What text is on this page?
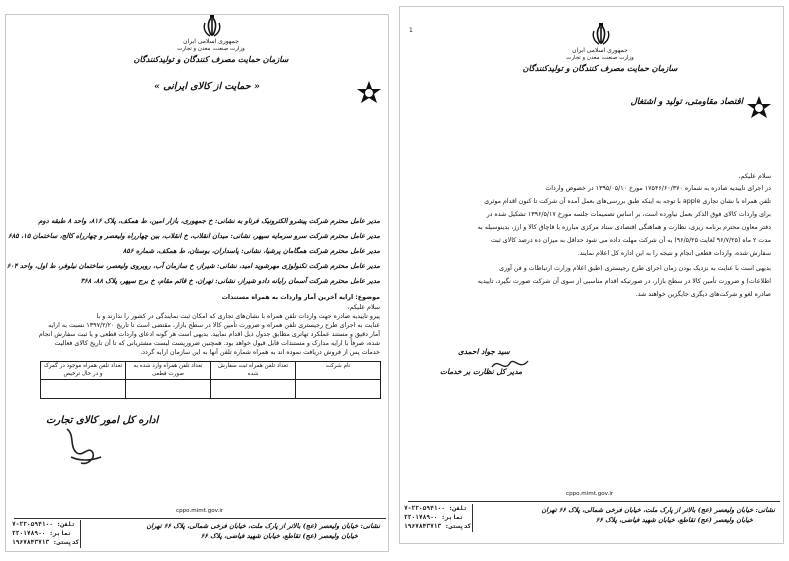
جمهوری اسلامی ایران
وزارت صنعت، معدن و تجارت
سازمان حمایت مصرف کنندگان و تولیدکنندگان
« حمایت از کالای ایرانی »
مدیر عامل محترم شرکت پیشرو الکترونیک فرناو به نشانی: خ جمهوری، بازار امین، ط همکف، پلاک ۸۱۶، واحد ۸ طبقه دوم
مدیر عامل محترم شرکت سرو سرمایه سپهر، نشانی: میدان انقلاب، خ انقلاب، بین چهارراه ولیعصر و چهارراه کالج، ساختمان ۱۵، ۶۸۵
مدیر عامل محترم شرکت همگامان پرشیا، نشانی: پاسداران، بوستان، ط همکف، شماره ۸۵۶
مدیر عامل محترم شرکت تکنولوژی مهرشوید امید، نشانی: شیراز، خ سازمان آب، روبروی ولیعصر، ساختمان نیلوفر، ط اول، واحد ۶۰۴
مدیر عامل محترم شرکت آسمان رایانه دادو شیراز، نشانی: تهران، خ قائم مقام، خ برج سپهر، پلاک ۸۸، ۳۶۸
موضوع: ارایه آخرین آمار واردات به همراه مستندات
سلام علیکم،
پیرو تاییدیه صادره جهت واردات تلفن همراه با نشان‌های تجاری که امکان ثبت نمایندگی در کشور را ندارند و با
عنایت به اجرای طرح رجیستری تلفن همراه و ضرورت تأمین کالا در سطح بازار، مقتضی است تا تاریخ ۱۳۹۷/۲/۲۰ نسبت به ارایه
آمار دقیق و مستند عملکرد تهاتری مطابق جدول ذیل اقدام نمایید. بدیهی است هر گونه ادعای واردات قطعی و یا ثبت سفارش انجام
شده، صرفاً با ارایه مدارک و مستندات قابل قبول خواهد بود. همچنین ضروریست لیست مشتریانی که تا آن تاریخ کالای فعالیت خدمات پس از فروش دریافت نموده اند به همراه شماره تلفن آنها به این سازمان ارایه گردد.
نام شرکت	تعداد تلفن همراه ثبت سفارش شده	تعداد تلفن همراه وارد شده به صورت قطعی	تعداد تلفن همراه موجود در گمرک و در حال ترخیص

اداره کل امور کالای تجارت
cppo.mimt.gov.ir
تلفن: ۲۲۰۵۹۴۱۰۰-۷
نمابر: ۲۲۰۱۷۸۹۰۰
کدپستی: ۱۹۶۷۸۴۳۷۱۳
نشانی: خیابان ولیعصر (عج) بالاتر از پارک ملت، خیابان فرخی شمالی، پلاک ۶۶ تهران
خیابان ولیعصر (عج) تقاطع، خیابان شهید فیاضی، پلاک ۶۶
1
جمهوری اسلامی ایران
وزارت صنعت، معدن و تجارت
سازمان حمایت مصرف کنندگان و تولیدکنندگان
اقتصاد مقاومتی، تولید و اشتغال
سلام علیکم،
در اجرای تاییدیه صادره به شماره ۱۷۵۴۶/۶۰/۳۷۰ مورخ ۱۳۹۵/۰۵/۱۰ در خصوص واردات
تلفن همراه با نشان تجاری apple با توجه به اینکه طبق بررسی‌های بعمل آمده آن شرکت تا کنون اقدام موثری
برای واردات کالای فوق الذکر بعمل نیاورده است، بر اساس تصمیمات جلسه مورخ ۱۳۹۶/۵/۱۷ تشکیل شده در
دفتر معاون محترم برنامه ریزی، نظارت و هماهنگی اقتصادی ستاد مرکزی مبارزه با قاچاق کالا و ارز، بدینوسیله به
مدت ۲ ماه (۹۶/۷/۲۵ لغایت ۹۶/۵/۲۵) به آن شرکت مهلت داده می شود حداقل به میزان ده درصد کالای ثبت
سفارش شده، واردات قطعی انجام و نتیجه را به این اداره کل اعلام نمایند.
بدیهی است با عنایت به نزدیک بودن زمان اجرای طرح رجیستری (طبق اعلام وزارت ارتباطات و فن آوری
اطلاعات) و ضرورت تأمین کالا در سطح بازار، در صورتیکه اقدام مناسبی از سوی آن شرکت صورت نگیرد، تاییدیه
صادره لغو و شرکت‌های دیگری جایگزین خواهند شد.
سید جواد احمدی
مدیر کل نظارت بر خدمات
cppo.mimt.gov.ir
تلفن: ۲۲۰۵۹۴۱۰۰-۷
نمابر: ۲۲۰۱۷۸۹۰۰
کدپستی: ۱۹۶۷۸۴۳۷۱۳
نشانی: خیابان ولیعصر (عج) بالاتر از پارک ملت، خیابان فرخی شمالی، پلاک ۶۶ تهران
خیابان ولیعصر (عج) تقاطع، خیابان شهید فیاضی، پلاک ۶۶
